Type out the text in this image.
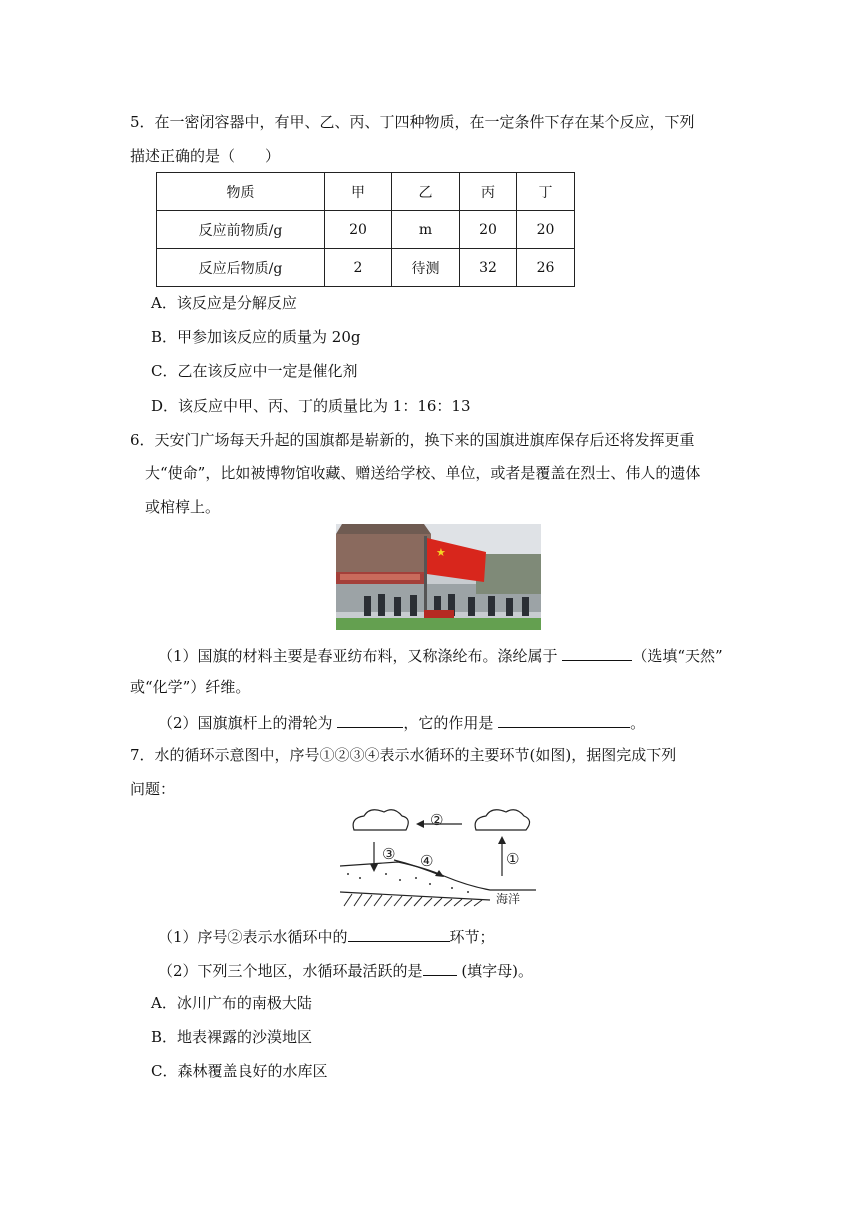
5．在一密闭容器中，有甲、乙、丙、丁四种物质，在一定条件下存在某个反应，下列
描述正确的是（　　）
物质	甲	乙	丙	丁
反应前物质/g	20	m	20	20
反应后物质/g	2	待测	32	26
A．该反应是分解反应
B．甲参加该反应的质量为 20g
C．乙在该反应中一定是催化剂
D．该反应中甲、丙、丁的质量比为 1：16：13
6．天安门广场每天升起的国旗都是崭新的，换下来的国旗进旗库保存后还将发挥更重
大“使命”，比如被博物馆收藏、赠送给学校、单位，或者是覆盖在烈士、伟人的遗体
或棺椁上。
★
（1）国旗的材料主要是春亚纺布料，又称涤纶布。涤纶属于	（选填“天然”
或“化学”）纤维。
（2）国旗旗杆上的滑轮为	，它的作用是	。
7．水的循环示意图中，序号①②③④表示水循环的主要环节(如图)，据图完成下列
问题：
②
③ ④	①
海洋
（1）序号②表示水循环中的	环节；
（2）下列三个地区，水循环最活跃的是 (填字母)。
A．冰川广布的南极大陆
B．地表裸露的沙漠地区
C．森林覆盖良好的水库区
